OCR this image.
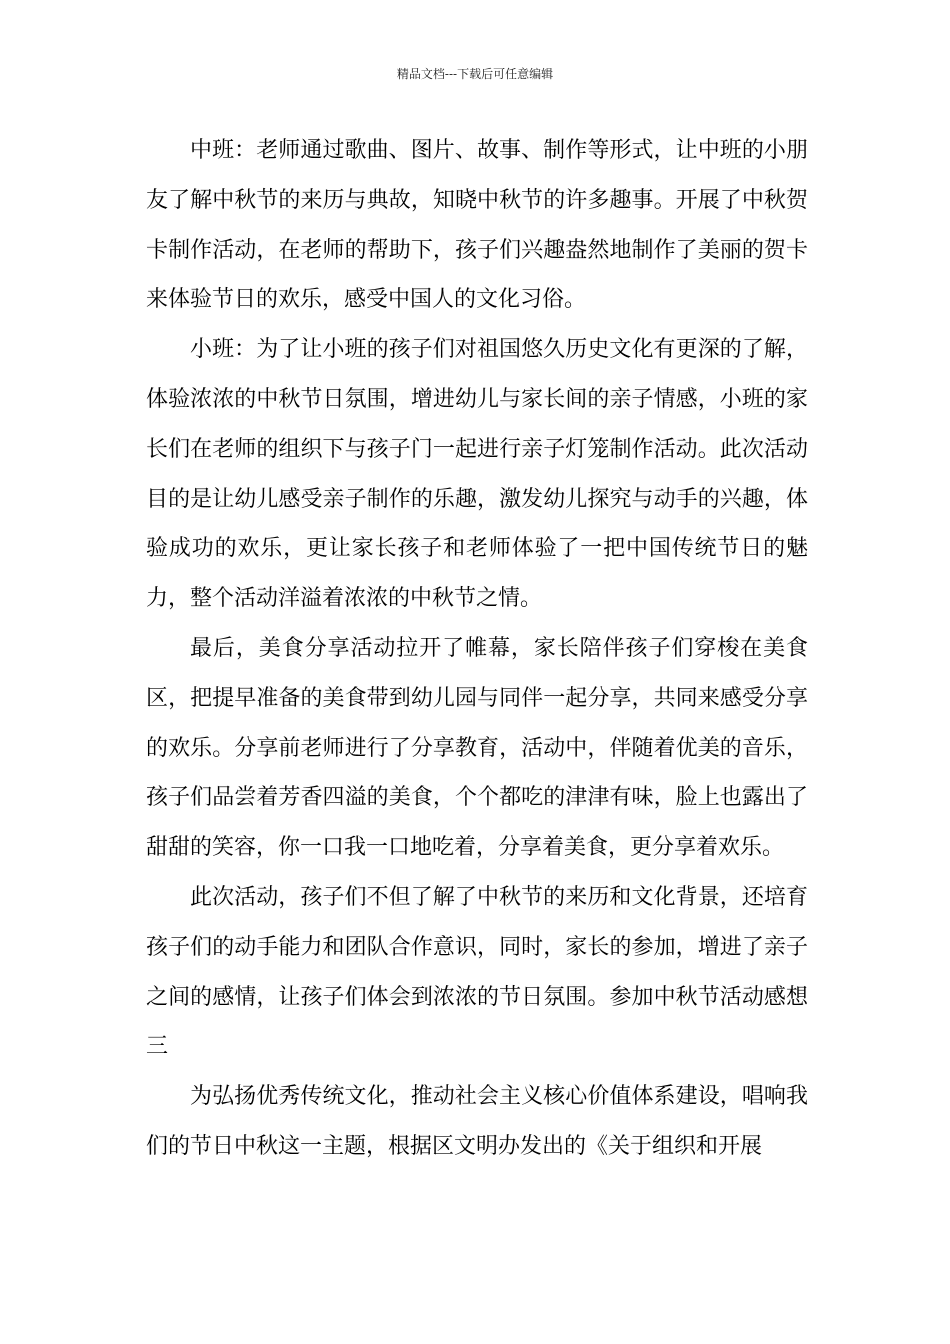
精品文档---下载后可任意编辑

中班：老师通过歌曲、图片、故事、制作等形式，让中班的小朋友了解中秋节的来历与典故，知晓中秋节的许多趣事。开展了中秋贺卡制作活动，在老师的帮助下，孩子们兴趣盎然地制作了美丽的贺卡来体验节日的欢乐，感受中国人的文化习俗。

小班：为了让小班的孩子们对祖国悠久历史文化有更深的了解，体验浓浓的中秋节日氛围，增进幼儿与家长间的亲子情感，小班的家长们在老师的组织下与孩子门一起进行亲子灯笼制作活动。此次活动目的是让幼儿感受亲子制作的乐趣，激发幼儿探究与动手的兴趣，体验成功的欢乐，更让家长孩子和老师体验了一把中国传统节日的魅力，整个活动洋溢着浓浓的中秋节之情。

最后，美食分享活动拉开了帷幕，家长陪伴孩子们穿梭在美食区，把提早准备的美食带到幼儿园与同伴一起分享，共同来感受分享的欢乐。分享前老师进行了分享教育，活动中，伴随着优美的音乐，孩子们品尝着芳香四溢的美食，个个都吃的津津有味，脸上也露出了甜甜的笑容，你一口我一口地吃着，分享着美食，更分享着欢乐。

此次活动，孩子们不但了解了中秋节的来历和文化背景，还培育孩子们的动手能力和团队合作意识，同时，家长的参加，增进了亲子之间的感情，让孩子们体会到浓浓的节日氛围。参加中秋节活动感想三

为弘扬优秀传统文化，推动社会主义核心价值体系建设，唱响我们的节日中秋这一主题，根据区文明办发出的《关于组织和开展
